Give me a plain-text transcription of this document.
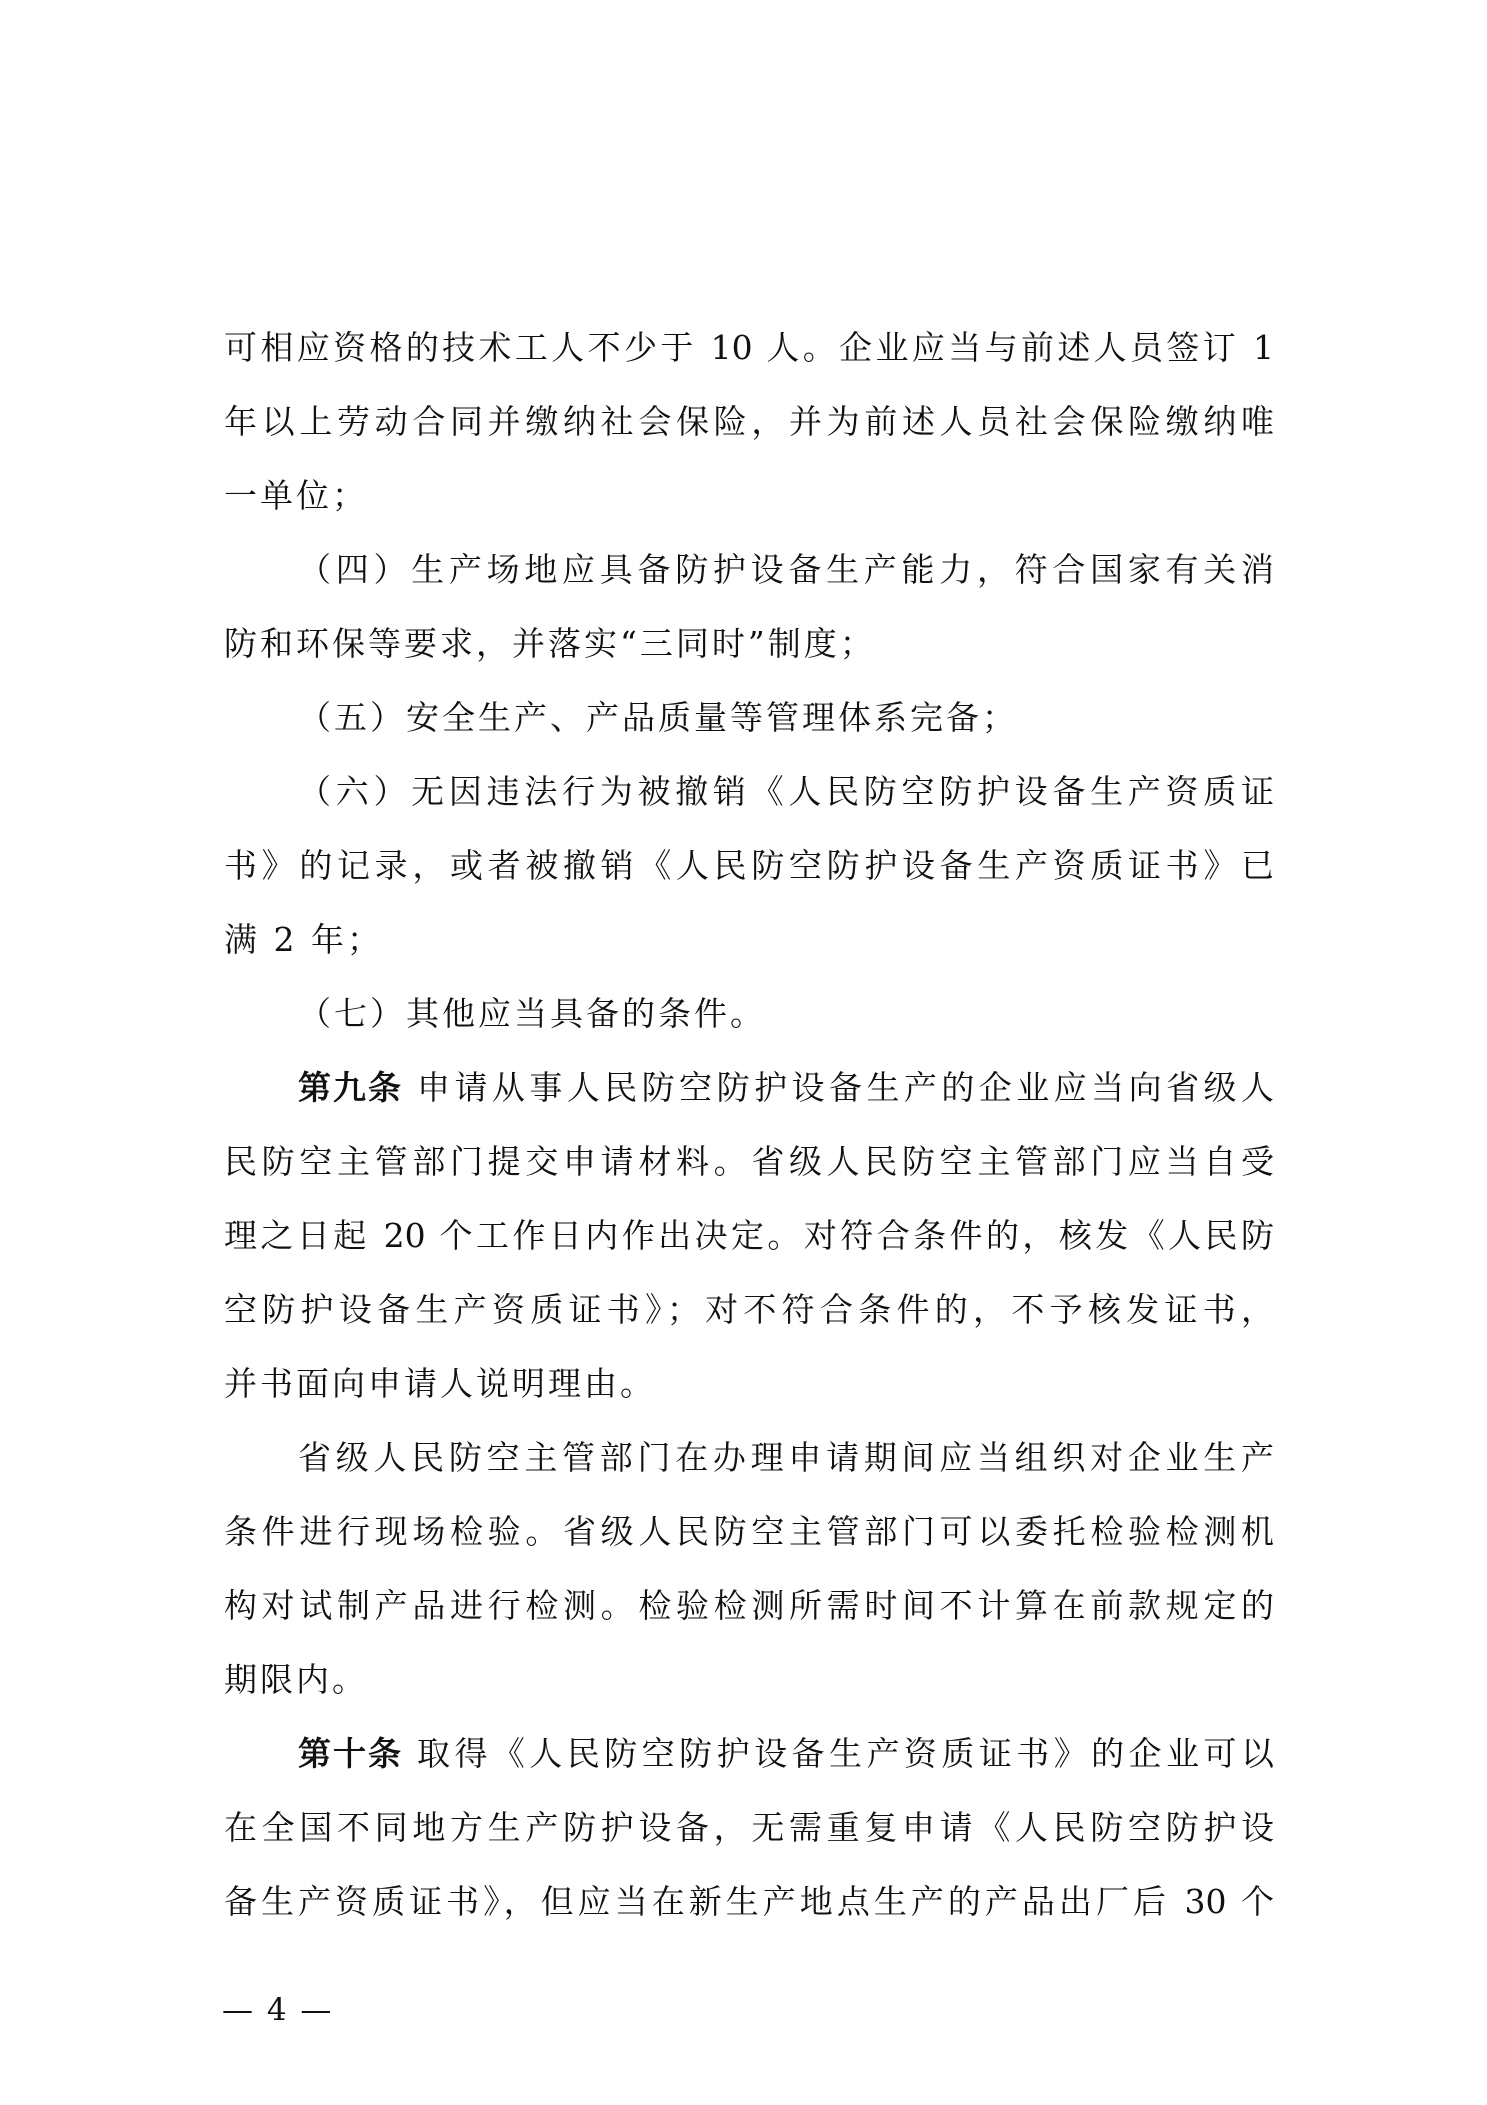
可相应资格的技术工人不少于 10 人。企业应当与前述人员签订 1
年以上劳动合同并缴纳社会保险，并为前述人员社会保险缴纳唯
一单位；
（四）生产场地应具备防护设备生产能力，符合国家有关消
防和环保等要求，并落实“三同时”制度；
（五）安全生产、产品质量等管理体系完备；
（六）无因违法行为被撤销《人民防空防护设备生产资质证
书》的记录，或者被撤销《人民防空防护设备生产资质证书》已
满 2 年；
（七）其他应当具备的条件。
第九条 申请从事人民防空防护设备生产的企业应当向省级人
民防空主管部门提交申请材料。省级人民防空主管部门应当自受
理之日起 20 个工作日内作出决定。对符合条件的，核发《人民防
空防护设备生产资质证书》；对不符合条件的，不予核发证书，
并书面向申请人说明理由。
省级人民防空主管部门在办理申请期间应当组织对企业生产
条件进行现场检验。省级人民防空主管部门可以委托检验检测机
构对试制产品进行检测。检验检测所需时间不计算在前款规定的
期限内。
第十条 取得《人民防空防护设备生产资质证书》的企业可以
在全国不同地方生产防护设备，无需重复申请《人民防空防护设
备生产资质证书》，但应当在新生产地点生产的产品出厂后 30 个
— 4 —
